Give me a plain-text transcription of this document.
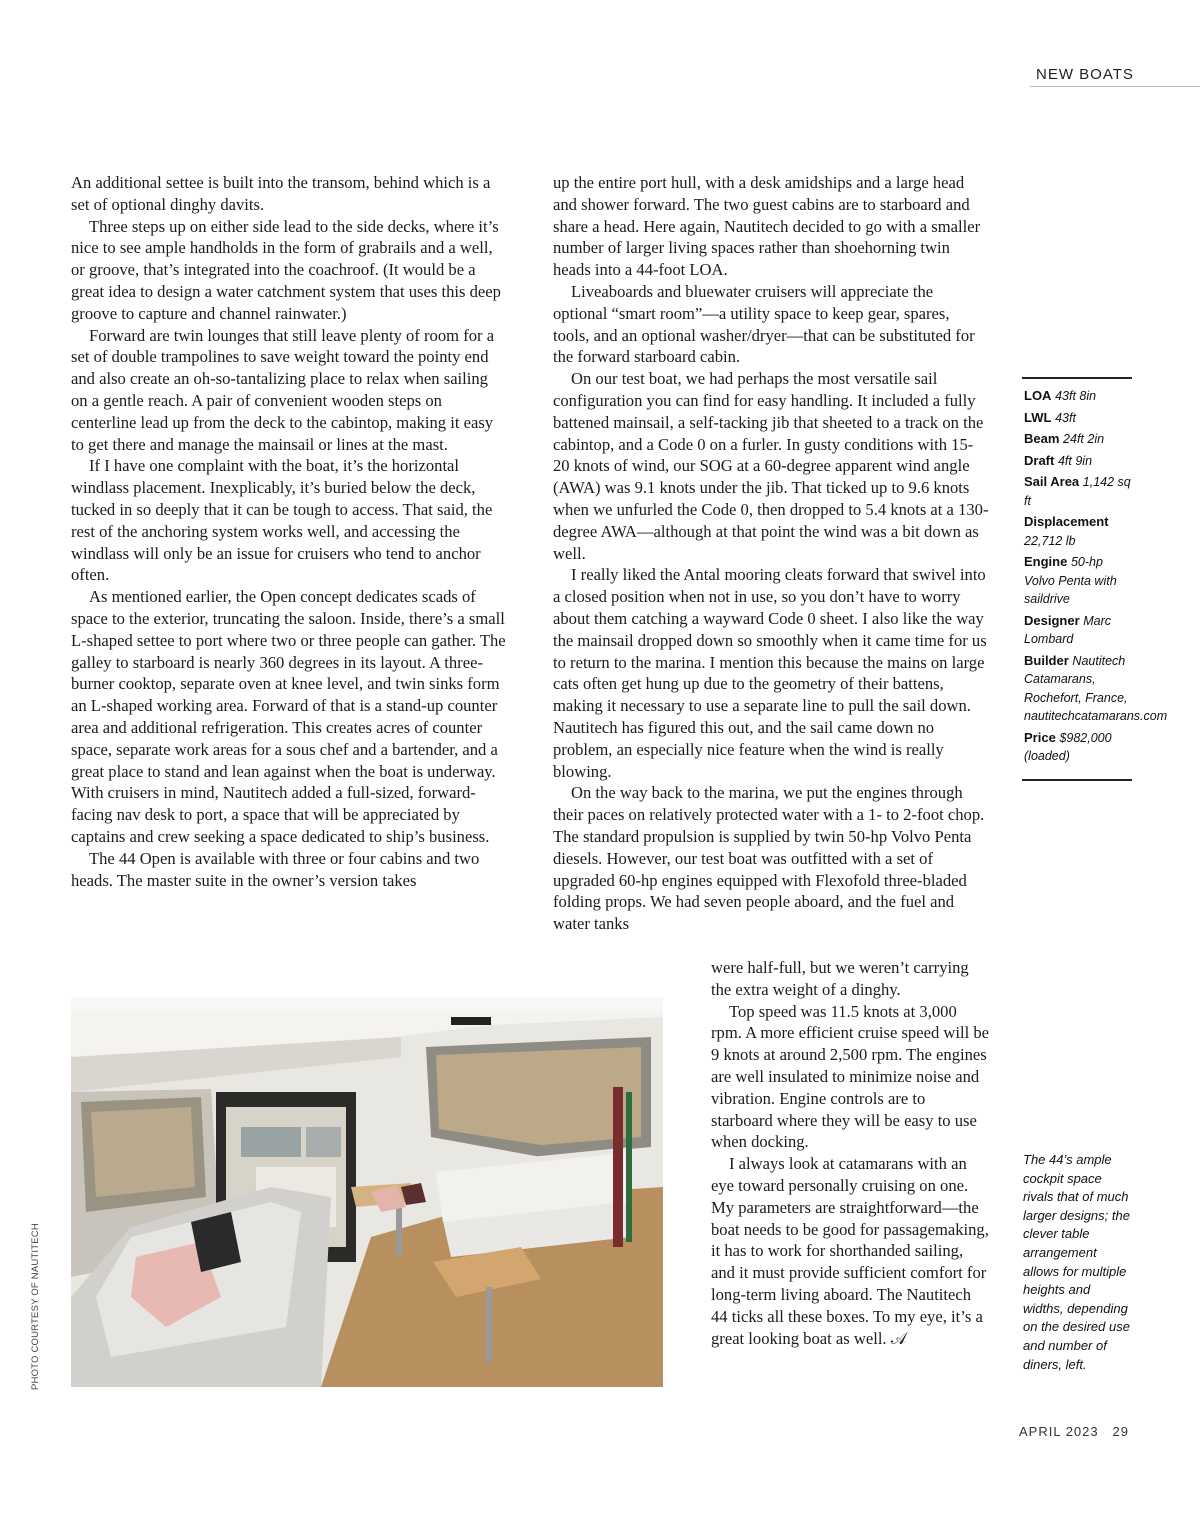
NEW BOATS

An additional settee is built into the transom, behind which is a set of optional dinghy davits.

Three steps up on either side lead to the side decks, where it’s nice to see ample handholds in the form of grabrails and a well, or groove, that’s integrated into the coachroof. (It would be a great idea to design a water catchment system that uses this deep groove to capture and channel rainwater.)

Forward are twin lounges that still leave plenty of room for a set of double trampolines to save weight toward the pointy end and also create an oh-so-tantalizing place to relax when sailing on a gentle reach. A pair of convenient wooden steps on centerline lead up from the deck to the cabintop, making it easy to get there and manage the mainsail or lines at the mast.

If I have one complaint with the boat, it’s the horizontal windlass placement. Inexplicably, it’s buried below the deck, tucked in so deeply that it can be tough to access. That said, the rest of the anchoring system works well, and accessing the windlass will only be an issue for cruisers who tend to anchor often.

As mentioned earlier, the Open concept dedicates scads of space to the exterior, truncating the saloon. Inside, there’s a small L-shaped settee to port where two or three people can gather. The galley to starboard is nearly 360 degrees in its layout. A three-burner cooktop, separate oven at knee level, and twin sinks form an L-shaped working area. Forward of that is a stand-up counter area and additional refrigeration. This creates acres of counter space, separate work areas for a sous chef and a bartender, and a great place to stand and lean against when the boat is underway. With cruisers in mind, Nautitech added a full-sized, forward-facing nav desk to port, a space that will be appreciated by captains and crew seeking a space dedicated to ship’s business.

The 44 Open is available with three or four cabins and two heads. The master suite in the owner’s version takes

up the entire port hull, with a desk amidships and a large head and shower forward. The two guest cabins are to starboard and share a head. Here again, Nautitech decided to go with a smaller number of larger living spaces rather than shoehorning twin heads into a 44-foot LOA.

Liveaboards and bluewater cruisers will appreciate the optional “smart room”—a utility space to keep gear, spares, tools, and an optional washer/dryer—that can be substituted for the forward starboard cabin.

On our test boat, we had perhaps the most versatile sail configuration you can find for easy handling. It included a fully battened mainsail, a self-tacking jib that sheeted to a track on the cabintop, and a Code 0 on a furler. In gusty conditions with 15-20 knots of wind, our SOG at a 60-degree apparent wind angle (AWA) was 9.1 knots under the jib. That ticked up to 9.6 knots when we unfurled the Code 0, then dropped to 5.4 knots at a 130-degree AWA—although at that point the wind was a bit down as well.

I really liked the Antal mooring cleats forward that swivel into a closed position when not in use, so you don’t have to worry about them catching a wayward Code 0 sheet. I also like the way the mainsail dropped down so smoothly when it came time for us to return to the marina. I mention this because the mains on large cats often get hung up due to the geometry of their battens, making it necessary to use a separate line to pull the sail down. Nautitech has figured this out, and the sail came down no problem, an especially nice feature when the wind is really blowing.

On the way back to the marina, we put the engines through their paces on relatively protected water with a 1- to 2-foot chop. The standard propulsion is supplied by twin 50-hp Volvo Penta diesels. However, our test boat was outfitted with a set of upgraded 60-hp engines equipped with Flexofold three-bladed folding props. We had seven people aboard, and the fuel and water tanks

were half-full, but we weren’t carrying the extra weight of a dinghy.

Top speed was 11.5 knots at 3,000 rpm. A more efficient cruise speed will be 9 knots at around 2,500 rpm. The engines are well insulated to minimize noise and vibration. Engine controls are to starboard where they will be easy to use when docking.

I always look at catamarans with an eye toward personally cruising on one. My parameters are straightforward—the boat needs to be good for passagemaking, it has to work for shorthanded sailing, and it must provide sufficient comfort for long-term living aboard. The Nautitech 44 ticks all these boxes. To my eye, it’s a great looking boat as well. 𝒜

PHOTO COURTESY OF NAUTITECH
LOA 43ft 8in
LWL 43ft
Beam 24ft 2in
Draft 4ft 9in
Sail Area 1,142 sq ft
Displacement 22,712 lb
Engine 50-hp Volvo Penta with saildrive
Designer Marc Lombard
Builder Nautitech Catamarans, Rochefort, France, nautitechcatamarans.com
Price $982,000 (loaded)
The 44’s ample cockpit space rivals that of much larger designs; the clever table arrangement allows for multiple heights and widths, depending on the desired use and number of diners, left.
APRIL 2023 29
